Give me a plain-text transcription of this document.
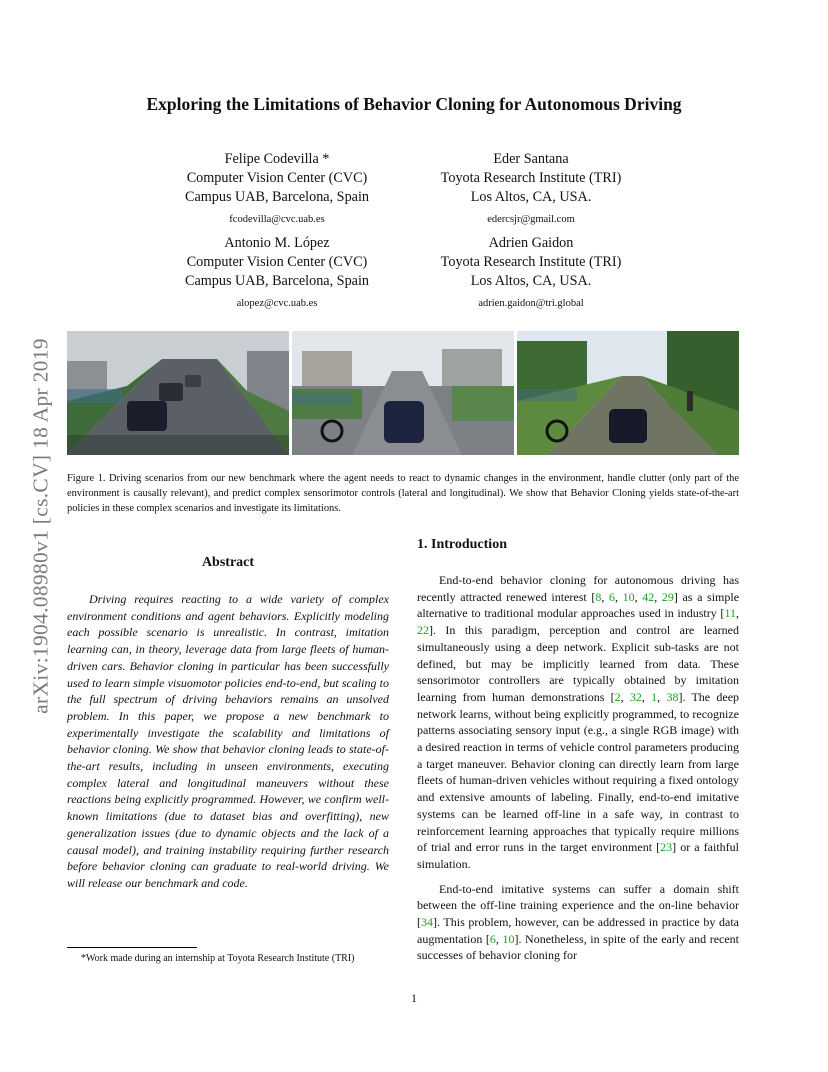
arXiv:1904.08980v1 [cs.CV] 18 Apr 2019
Exploring the Limitations of Behavior Cloning for Autonomous Driving
Felipe Codevilla *
Computer Vision Center (CVC)
Campus UAB, Barcelona, Spain
fcodevilla@cvc.uab.es
Eder Santana
Toyota Research Institute (TRI)
Los Altos, CA, USA.
edercsjr@gmail.com
Antonio M. López
Computer Vision Center (CVC)
Campus UAB, Barcelona, Spain
alopez@cvc.uab.es
Adrien Gaidon
Toyota Research Institute (TRI)
Los Altos, CA, USA.
adrien.gaidon@tri.global
Figure 1. Driving scenarios from our new benchmark where the agent needs to react to dynamic changes in the environment, handle clutter (only part of the environment is causally relevant), and predict complex sensorimotor controls (lateral and longitudinal). We show that Behavior Cloning yields state-of-the-art policies in these complex scenarios and investigate its limitations.
Abstract

Driving requires reacting to a wide variety of complex environment conditions and agent behaviors. Explicitly modeling each possible scenario is unrealistic. In contrast, imitation learning can, in theory, leverage data from large fleets of human-driven cars. Behavior cloning in particular has been successfully used to learn simple visuomotor policies end-to-end, but scaling to the full spectrum of driving behaviors remains an unsolved problem. In this paper, we propose a new benchmark to experimentally investigate the scalability and limitations of behavior cloning. We show that behavior cloning leads to state-of-the-art results, including in unseen environments, executing complex lateral and longitudinal maneuvers without these reactions being explicitly programmed. However, we confirm well-known limitations (due to dataset bias and overfitting), new generalization issues (due to dynamic objects and the lack of a causal model), and training instability requiring further research before behavior cloning can graduate to real-world driving. We will release our benchmark and code.

1. Introduction

End-to-end behavior cloning for autonomous driving has recently attracted renewed interest [8, 6, 10, 42, 29] as a simple alternative to traditional modular approaches used in industry [11, 22]. In this paradigm, perception and control are learned simultaneously using a deep network. Explicit sub-tasks are not defined, but may be implicitly learned from data. These sensorimotor controllers are typically obtained by imitation learning from human demonstrations [2, 32, 1, 38]. The deep network learns, without being explicitly programmed, to recognize patterns associating sensory input (e.g., a single RGB image) with a desired reaction in terms of vehicle control parameters producing a target maneuver. Behavior cloning can directly learn from large fleets of human-driven vehicles without requiring a fixed ontology and extensive amounts of labeling. Finally, end-to-end imitative systems can be learned off-line in a safe way, in contrast to reinforcement learning approaches that typically require millions of trial and error runs in the target environment [23] or a faithful simulation.

End-to-end imitative systems can suffer a domain shift between the off-line training experience and the on-line behavior [34]. This problem, however, can be addressed in practice by data augmentation [6, 10]. Nonetheless, in spite of the early and recent successes of behavior cloning for

*Work made during an internship at Toyota Research Institute (TRI)

1
